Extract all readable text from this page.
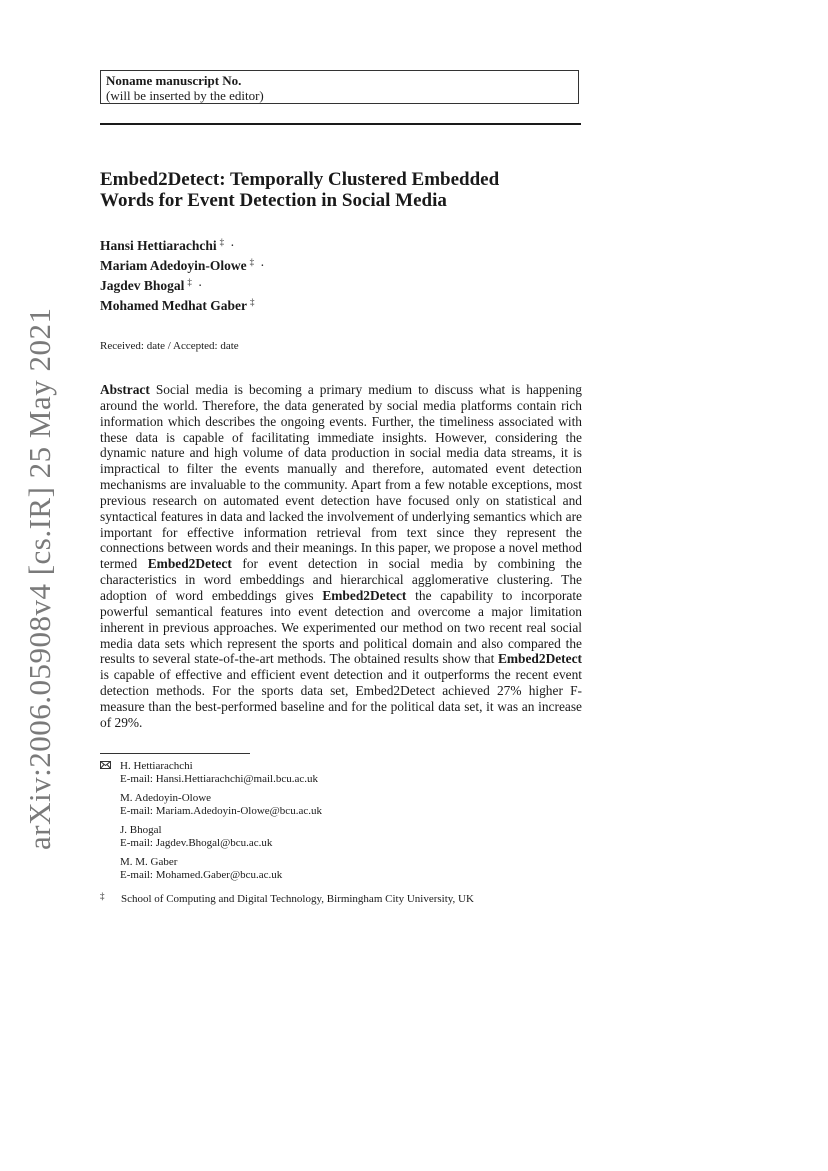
arXiv:2006.05908v4 [cs.IR] 25 May 2021
Noname manuscript No.
(will be inserted by the editor)
Embed2Detect: Temporally Clustered Embedded
Words for Event Detection in Social Media
Hansi Hettiarachchi ‡ ·
Mariam Adedoyin-Olowe ‡ ·
Jagdev Bhogal ‡ ·
Mohamed Medhat Gaber ‡
Received: date / Accepted: date
Abstract Social media is becoming a primary medium to discuss what is happening around the world. Therefore, the data generated by social media platforms contain rich information which describes the ongoing events. Further, the timeliness associated with these data is capable of facilitating immediate insights. However, considering the dynamic nature and high volume of data production in social media data streams, it is impractical to filter the events manually and therefore, automated event detection mechanisms are invaluable to the community. Apart from a few notable exceptions, most previous research on automated event detection have focused only on statistical and syntactical features in data and lacked the involvement of underlying semantics which are important for effective information retrieval from text since they represent the connections between words and their meanings. In this paper, we propose a novel method termed Embed2Detect for event detection in social media by combining the characteristics in word embeddings and hierarchical agglomerative clustering. The adoption of word embeddings gives Embed2Detect the capability to incorporate powerful semantical features into event detection and overcome a major limitation inherent in previous approaches. We experimented our method on two recent real social media data sets which represent the sports and political domain and also compared the results to several state-of-the-art methods. The obtained results show that Embed2Detect is capable of effective and efficient event detection and it outperforms the recent event detection methods. For the sports data set, Embed2Detect achieved 27% higher F-measure than the best-performed baseline and for the political data set, it was an increase of 29%.
H. Hettiarachchi
E-mail: Hansi.Hettiarachchi@mail.bcu.ac.uk
M. Adedoyin-Olowe
E-mail: Mariam.Adedoyin-Olowe@bcu.ac.uk
J. Bhogal
E-mail: Jagdev.Bhogal@bcu.ac.uk
M. M. Gaber
E-mail: Mohamed.Gaber@bcu.ac.uk
‡ School of Computing and Digital Technology, Birmingham City University, UK
